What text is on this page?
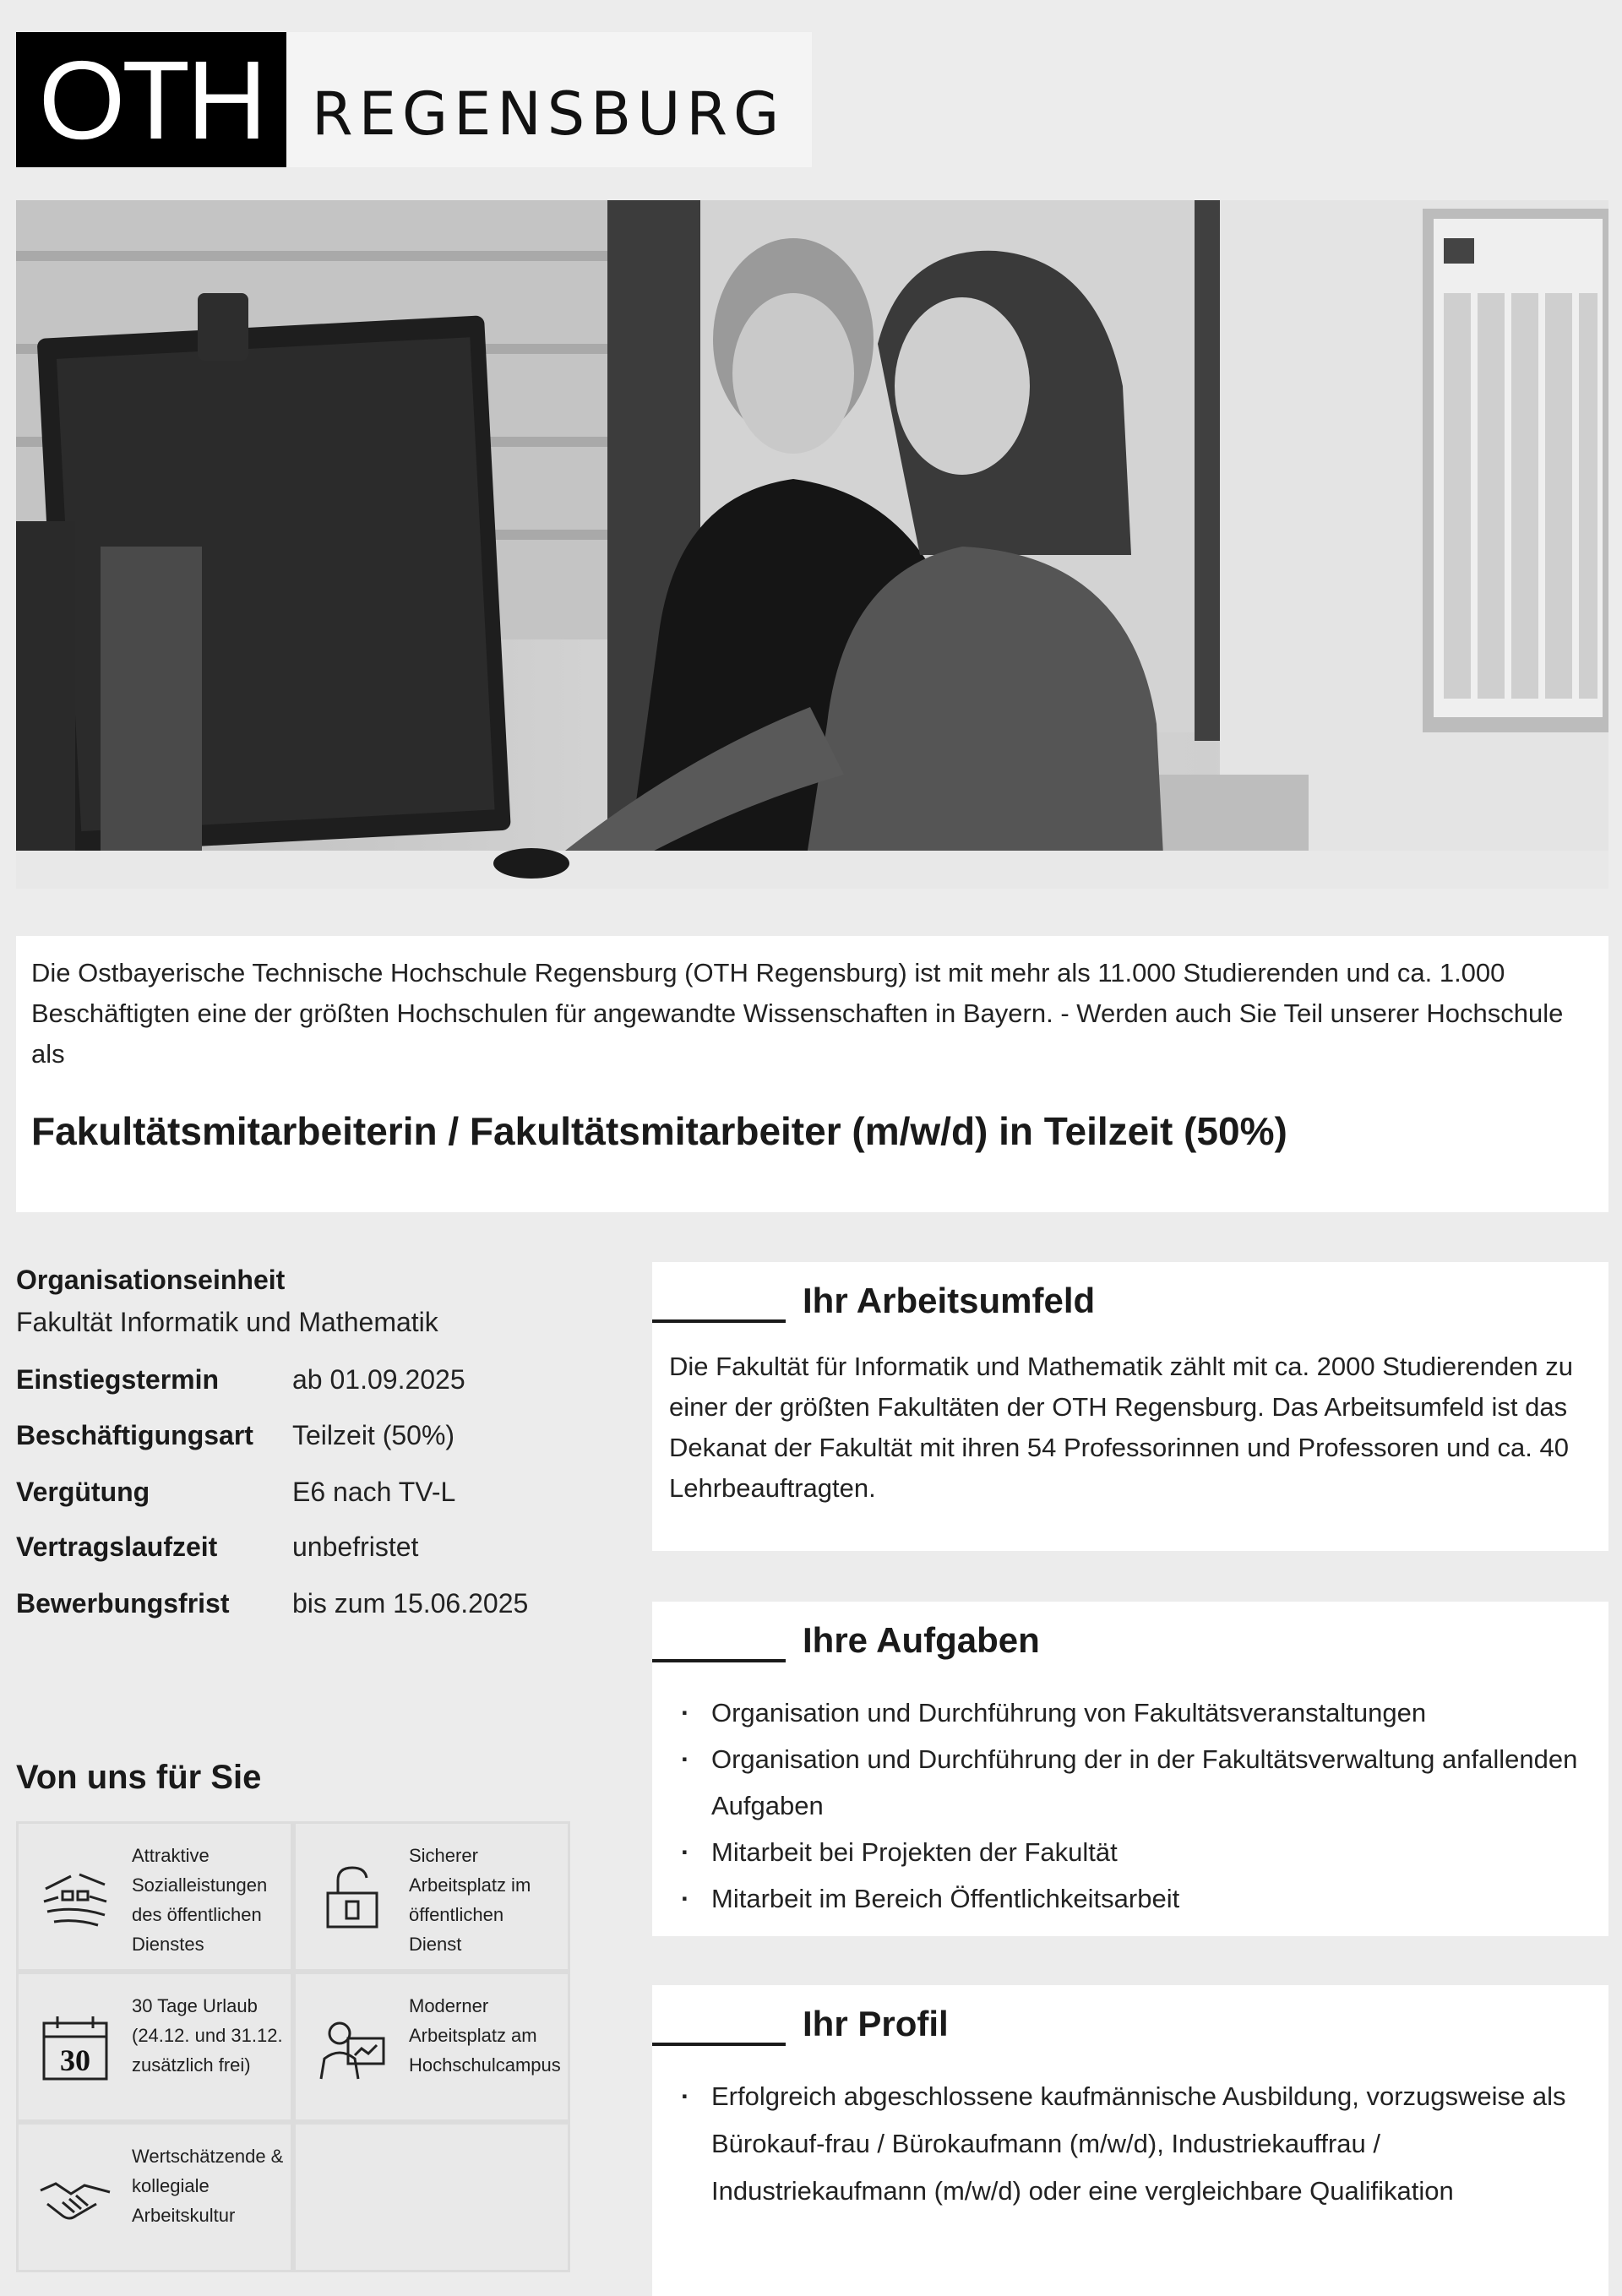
OTH REGENSBURG
Die Ostbayerische Technische Hochschule Regensburg (OTH Regensburg) ist mit mehr als 11.000 Studierenden und ca. 1.000 Beschäftigten eine der größten Hochschulen für angewandte Wissenschaften in Bayern. - Werden auch Sie Teil unserer Hochschule als
Fakultätsmitarbeiterin / Fakultätsmitarbeiter (m/w/d) in Teilzeit (50%)
Organisationseinheit
Fakultät Informatik und Mathematik
Einstiegstermin	ab 01.09.2025
Beschäftigungsart Teilzeit (50%)
Vergütung	E6 nach TV-L
Vertragslaufzeit	unbefristet
Bewerbungsfrist bis zum 15.06.2025
Von uns für Sie
Attraktive Sozialleistungen des öffentlichen Dienstes
Sicherer Arbeitsplatz im öffentlichen Dienst
30
30 Tage Urlaub (24.12. und 31.12. zusätzlich frei)
Moderner Arbeitsplatz am Hochschulcampus
Wertschätzende & kollegiale Arbeitskultur
Ihr Arbeitsumfeld
Die Fakultät für Informatik und Mathematik zählt mit ca. 2000 Studierenden zu einer der größten Fakultäten der OTH Regensburg. Das Arbeitsumfeld ist das Dekanat der Fakultät mit ihren 54 Professorinnen und Professoren und ca. 40 Lehrbeauftragten.
Ihre Aufgaben
· Organisation und Durchführung von Fakultätsveranstaltungen
· Organisation und Durchführung der in der Fakultätsverwaltung anfallenden Aufgaben
· Mitarbeit bei Projekten der Fakultät
· Mitarbeit im Bereich Öffentlichkeitsarbeit
Ihr Profil
· Erfolgreich abgeschlossene kaufmännische Ausbildung, vorzugsweise als Bürokauf-frau / Bürokaufmann (m/w/d), Industriekauffrau / Industriekaufmann (m/w/d) oder eine vergleichbare Qualifikation
